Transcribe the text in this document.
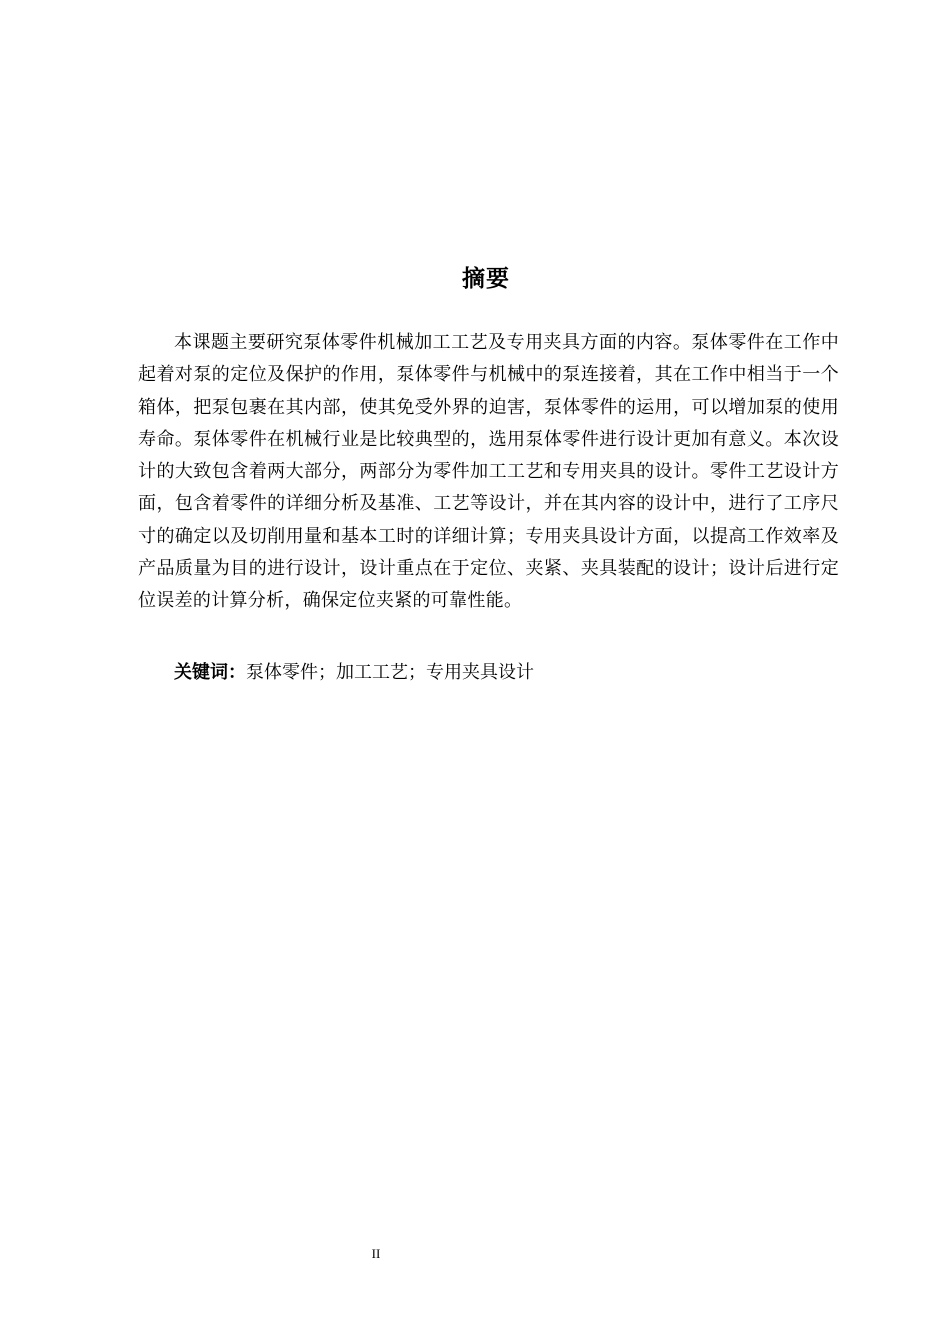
摘要

本课题主要研究泵体零件机械加工工艺及专用夹具方面的内容。泵体零件在工作中起着对泵的定位及保护的作用，泵体零件与机械中的泵连接着，其在工作中相当于一个箱体，把泵包裹在其内部，使其免受外界的迫害，泵体零件的运用，可以增加泵的使用寿命。泵体零件在机械行业是比较典型的，选用泵体零件进行设计更加有意义。本次设计的大致包含着两大部分，两部分为零件加工工艺和专用夹具的设计。零件工艺设计方面，包含着零件的详细分析及基准、工艺等设计，并在其内容的设计中，进行了工序尺寸的确定以及切削用量和基本工时的详细计算；专用夹具设计方面，以提高工作效率及产品质量为目的进行设计，设计重点在于定位、夹紧、夹具装配的设计；设计后进行定位误差的计算分析，确保定位夹紧的可靠性能。

关键词：泵体零件；加工工艺；专用夹具设计

II
